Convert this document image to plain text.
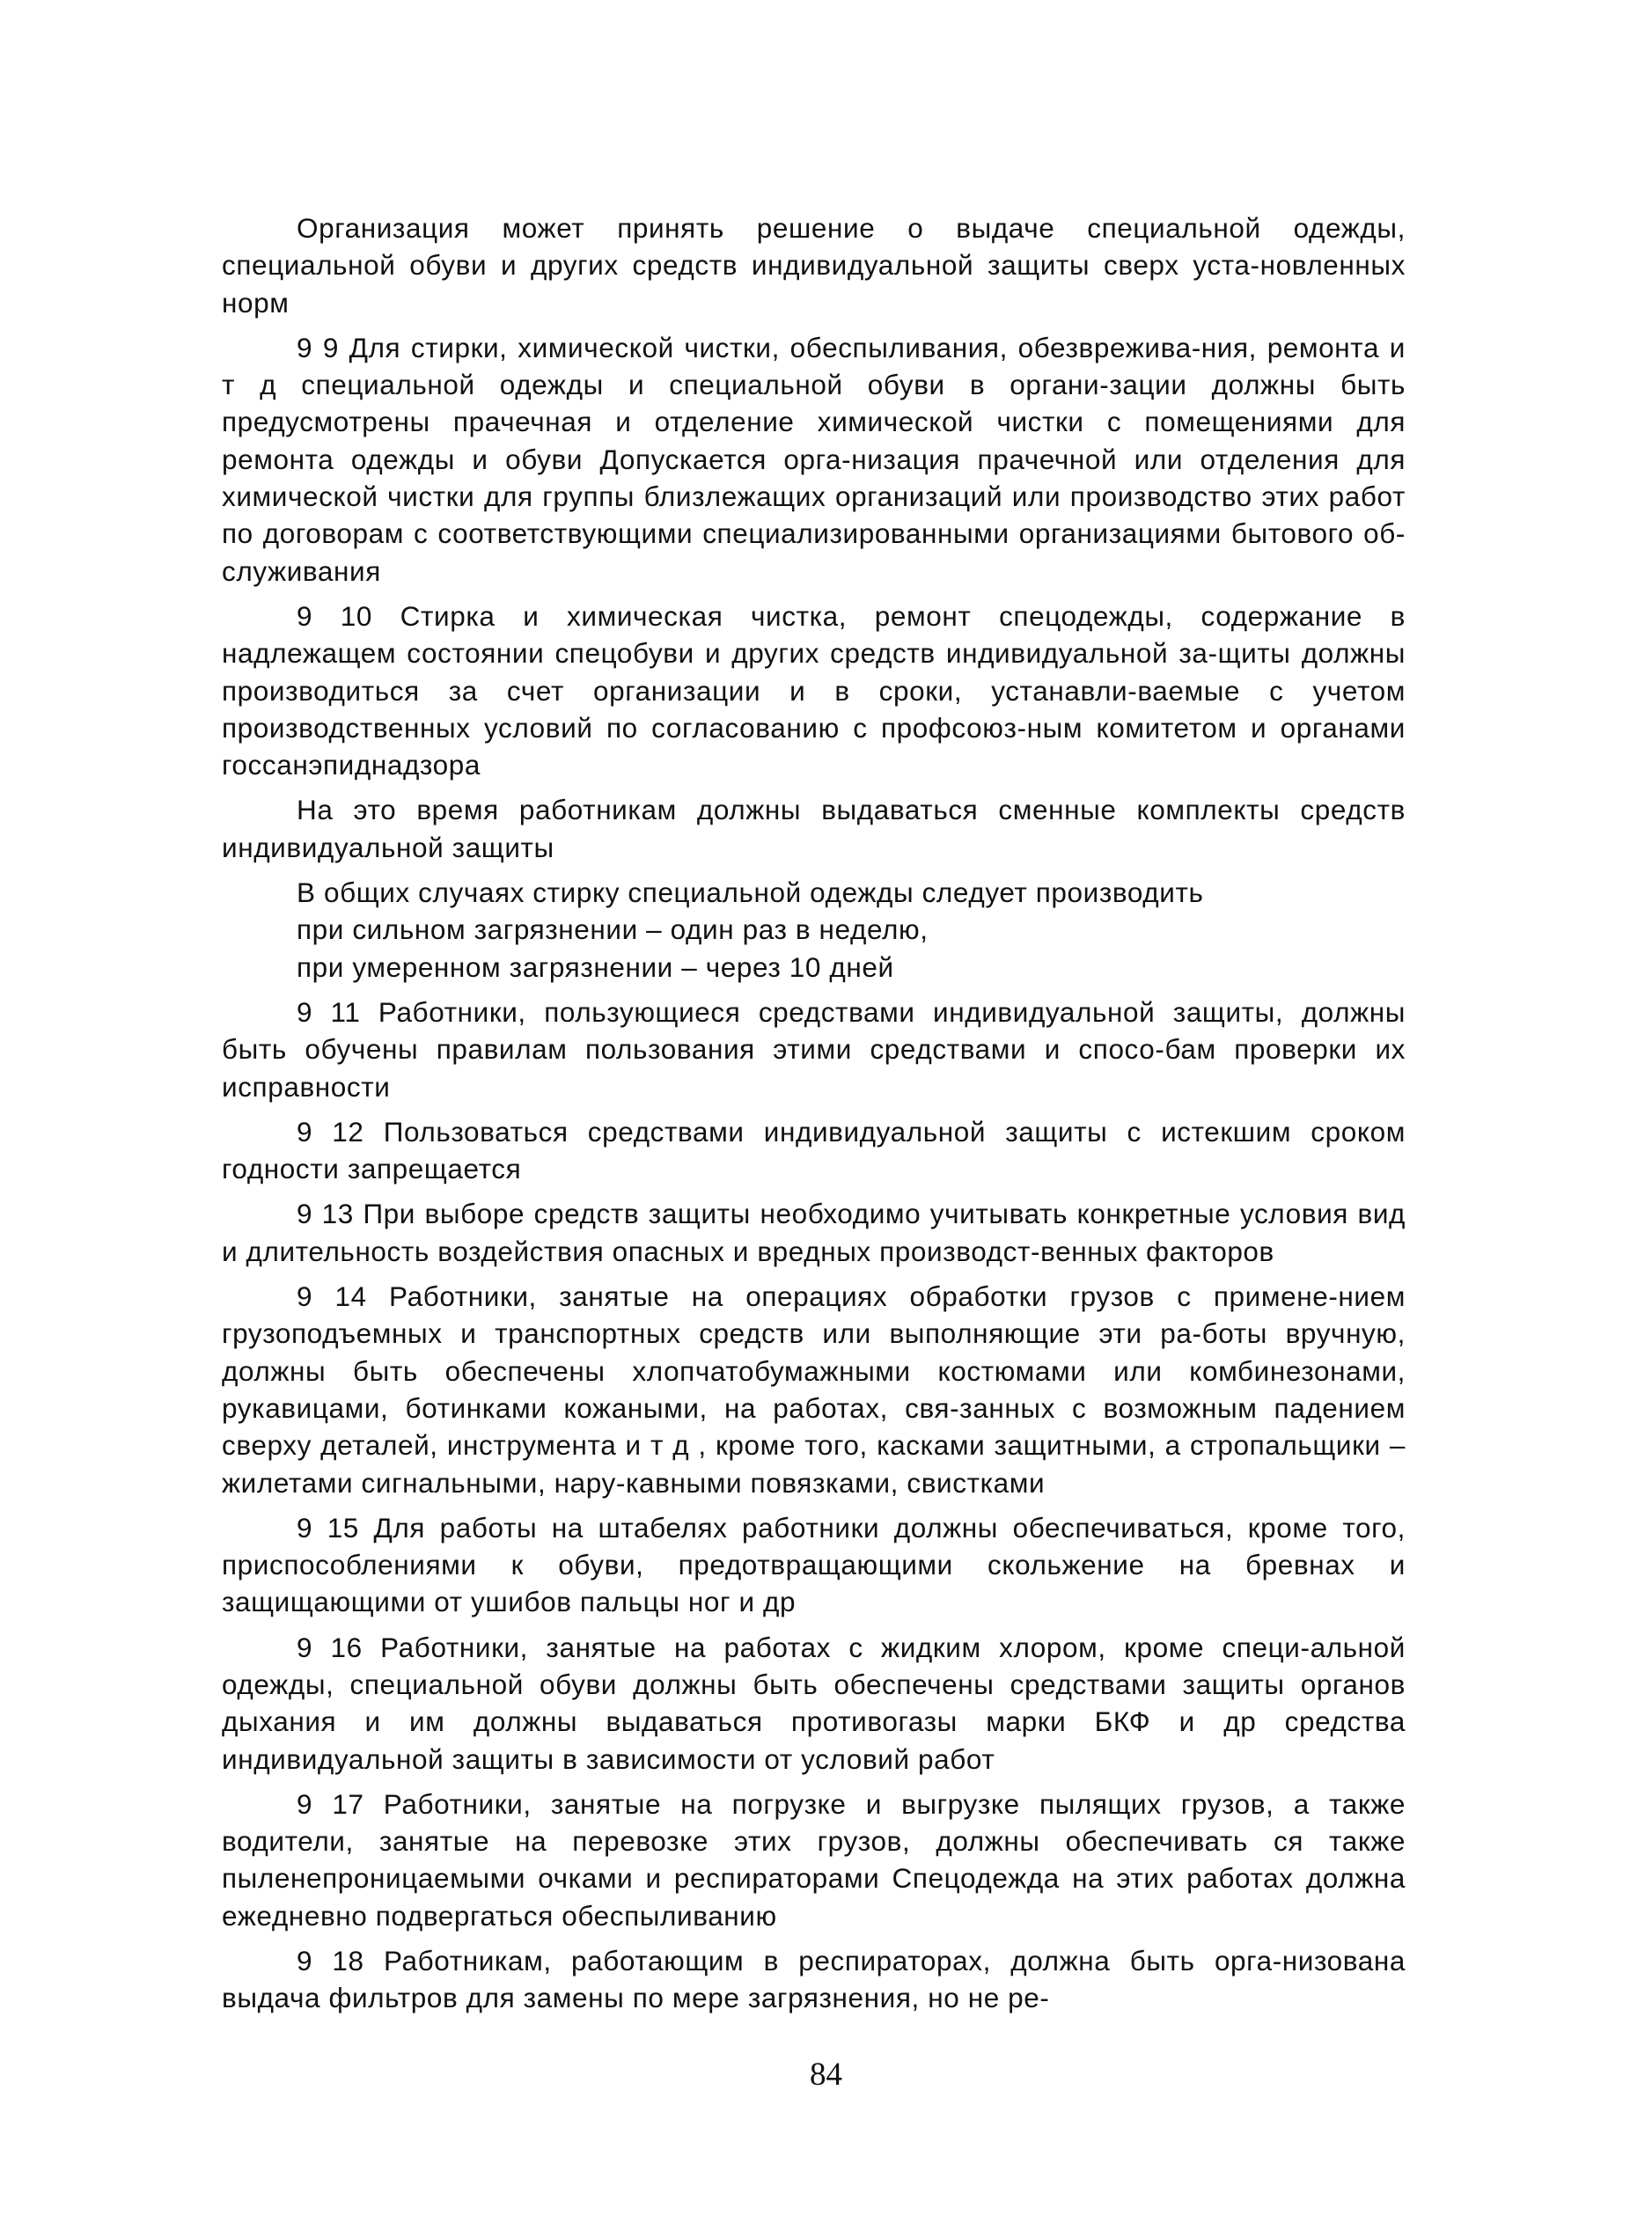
Организация может принять решение о выдаче специальной одежды, специальной обуви и других средств индивидуальной защиты сверх уста-новленных норм

9 9 Для стирки, химической чистки, обеспыливания, обезврежива-ния, ремонта и т д специальной одежды и специальной обуви в органи-зации должны быть предусмотрены прачечная и отделение химической чистки с помещениями для ремонта одежды и обуви Допускается орга-низация прачечной или отделения для химической чистки для группы близлежащих организаций или производство этих работ по договорам с соответствующими специализированными организациями бытового об-служивания

9 10 Стирка и химическая чистка, ремонт спецодежды, содержание в надлежащем состоянии спецобуви и других средств индивидуальной за-щиты должны производиться за счет организации и в сроки, устанавли-ваемые с учетом производственных условий по согласованию с профсоюз-ным комитетом и органами госсанэпиднадзора

На это время работникам должны выдаваться сменные комплекты средств индивидуальной защиты

В общих случаях стирку специальной одежды следует производить

при сильном загрязнении – один раз в неделю,

при умеренном загрязнении – через 10 дней

9 11 Работники, пользующиеся средствами индивидуальной защиты, должны быть обучены правилам пользования этими средствами и спосо-бам проверки их исправности

9 12 Пользоваться средствами индивидуальной защиты с истекшим сроком годности запрещается

9 13 При выборе средств защиты необходимо учитывать конкретные условия вид и длительность воздействия опасных и вредных производст-венных факторов

9 14 Работники, занятые на операциях обработки грузов с примене-нием грузоподъемных и транспортных средств или выполняющие эти ра-боты вручную, должны быть обеспечены хлопчатобумажными костюмами или комбинезонами, рукавицами, ботинками кожаными, на работах, свя-занных с возможным падением сверху деталей, инструмента и т д , кроме того, касками защитными, а стропальщики – жилетами сигнальными, нару-кавными повязками, свистками

9 15 Для работы на штабелях работники должны обеспечиваться, кроме того, приспособлениями к обуви, предотвращающими скольжение на бревнах и защищающими от ушибов пальцы ног и др

9 16 Работники, занятые на работах с жидким хлором, кроме специ-альной одежды, специальной обуви должны быть обеспечены средствами защиты органов дыхания и им должны выдаваться противогазы марки БКФ и др средства индивидуальной защиты в зависимости от условий работ

9 17 Работники, занятые на погрузке и выгрузке пылящих грузов, а также водители, занятые на перевозке этих грузов, должны обеспечивать ся также пыленепроницаемыми очками и респираторами Спецодежда на этих работах должна ежедневно подвергаться обеспыливанию

9 18 Работникам, работающим в респираторах, должна быть орга-низована выдача фильтров для замены по мере загрязнения, но не ре-

84
